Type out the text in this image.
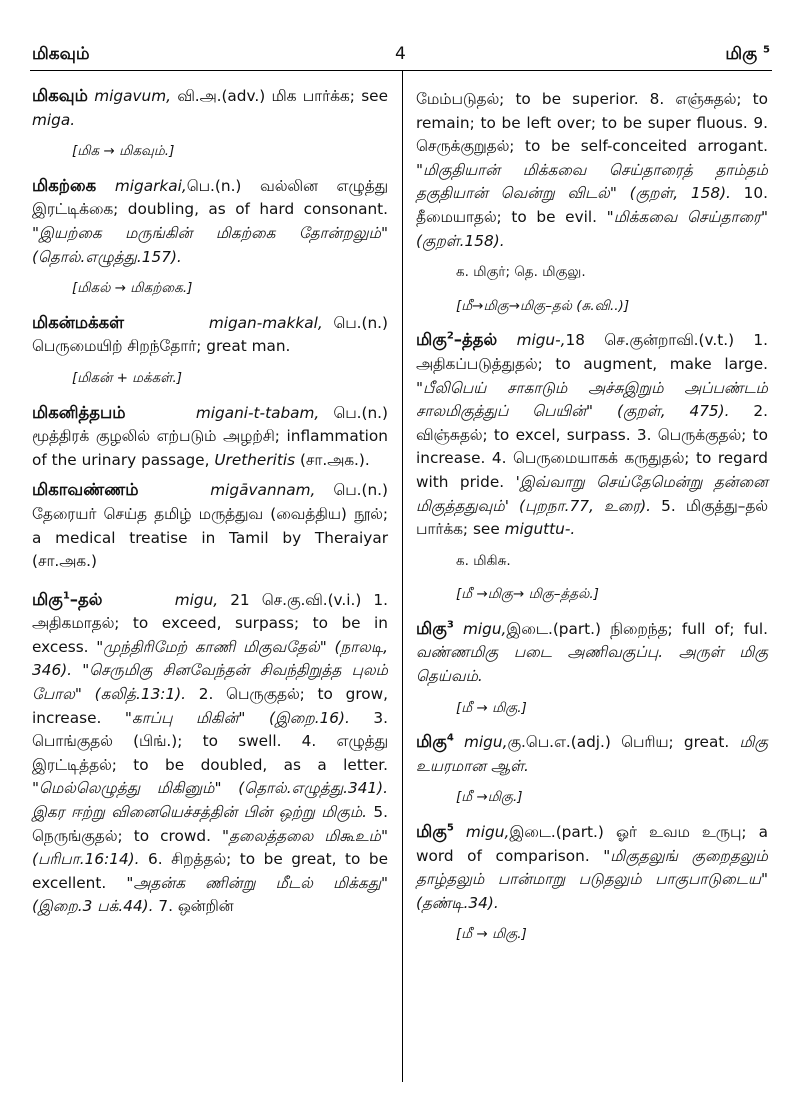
மிகவும்	4	மிகு $^5$
மிகவும் migavum, வி.அ.(adv.) மிக பார்க்க; see miga.
[மிக → மிகவும்.]
மிகற்கை migarkai,பெ.(n.) வல்லின எழுத்து இரட்டிக்கை; doubling, as of hard consonant. "இயற்கை மருங்கின் மிகற்கை தோன்றலும்" (தொல்.எழுத்து.157).
[மிகல் → மிகற்கை.]
மிகன்மக்கள்	migan-makkal, பெ.(n.) பெருமையிற் சிறந்தோர்; great man.
[மிகன் + மக்கள்.]
மிகனித்தபம்	migani-t-tabam, பெ.(n.) மூத்திரக் குழலில் எற்படும் அழற்சி; inflammation of the urinary passage, Uretheritis (சா.அக.).
மிகாவண்ணம்	migāvannam, பெ.(n.) தேரையர் செய்த தமிழ் மருத்துவ (வைத்திய) நூல்; a medical treatise in Tamil by Theraiyar (சா.அக.)
மிகு$^1$–தல்	migu, 21 செ.கு.வி.(v.i.) 1. அதிகமாதல்; to exceed, surpass; to be in excess. "முந்திரிமேற் காணி மிகுவதேல்" (நாலடி, 346). "செருமிகு சினவேந்தன் சிவந்திறுத்த புலம் போல" (கலித்.13:1). 2. பெருகுதல்; to grow, increase. "காப்பு மிகின்" (இறை.16). 3. பொங்குதல் (பிங்.); to swell. 4. எழுத்து இரட்டித்தல்; to be doubled, as a letter. "மெல்லெழுத்து மிகினும்" (தொல்.எழுத்து.341). இகர ஈற்று வினையெச்சத்தின் பின் ஒற்று மிகும். 5. நெருங்குதல்; to crowd. "தலைத்தலை மிகூஉம்" (பரிபா.16:14). 6. சிறத்தல்; to be great, to be excellent. "அதன்க ணின்று மீடல் மிக்கது" (இறை.3 பக்.44). 7. ஒன்றின்
மேம்படுதல்; to be superior. 8. எஞ்சுதல்; to remain; to be left over; to be super fluous. 9. செருக்குறுதல்; to be self-conceited arrogant. "மிகுதியான் மிக்கவை செய்தாரைத் தாம்தம் தகுதியான் வென்று விடல்" (குறள், 158). 10. தீமையாதல்; to be evil. "மிக்கவை செய்தாரை" (குறள்.158).
க. மிகுர்; தெ. மிகுலு.
[மீ→மிகு→மிகு–தல் (சு.வி..)]
மிகு$^2$–த்தல் migu-,18 செ.குன்றாவி.(v.t.) 1. அதிகப்படுத்துதல்; to augment, make large. "பீலிபெய் சாகாடும் அச்சுஇறும் அப்பண்டம் சாலமிகுத்துப் பெயின்" (குறள், 475). 2. விஞ்சுதல்; to excel, surpass. 3. பெருக்குதல்; to increase. 4. பெருமையாகக் கருதுதல்; to regard with pride. 'இவ்வாறு செய்தேமென்று தன்னை மிகுத்ததுவும்' (புறநா.77, உரை). 5. மிகுத்து–தல் பார்க்க; see miguttu-.
க. மிகிசு.
[மீ →மிகு→ மிகு–த்தல்.]
மிகு$^3$ migu,இடை.(part.) நிறைந்த; full of; ful. வண்ணமிகு படை அணிவகுப்பு. அருள் மிகு தெய்வம்.
[மீ → மிகு.]
மிகு$^4$ migu,கு.பெ.எ.(adj.) பெரிய; great. மிகு உயரமான ஆள்.
[மீ →மிகு.]
மிகு$^5$ migu,இடை.(part.) ஓர் உவம உருபு; a word of comparison. "மிகுதலுங் குறைதலும் தாழ்தலும் பான்மாறு படுதலும் பாகுபாடுடைய" (தண்டி.34).
[மீ → மிகு.]
